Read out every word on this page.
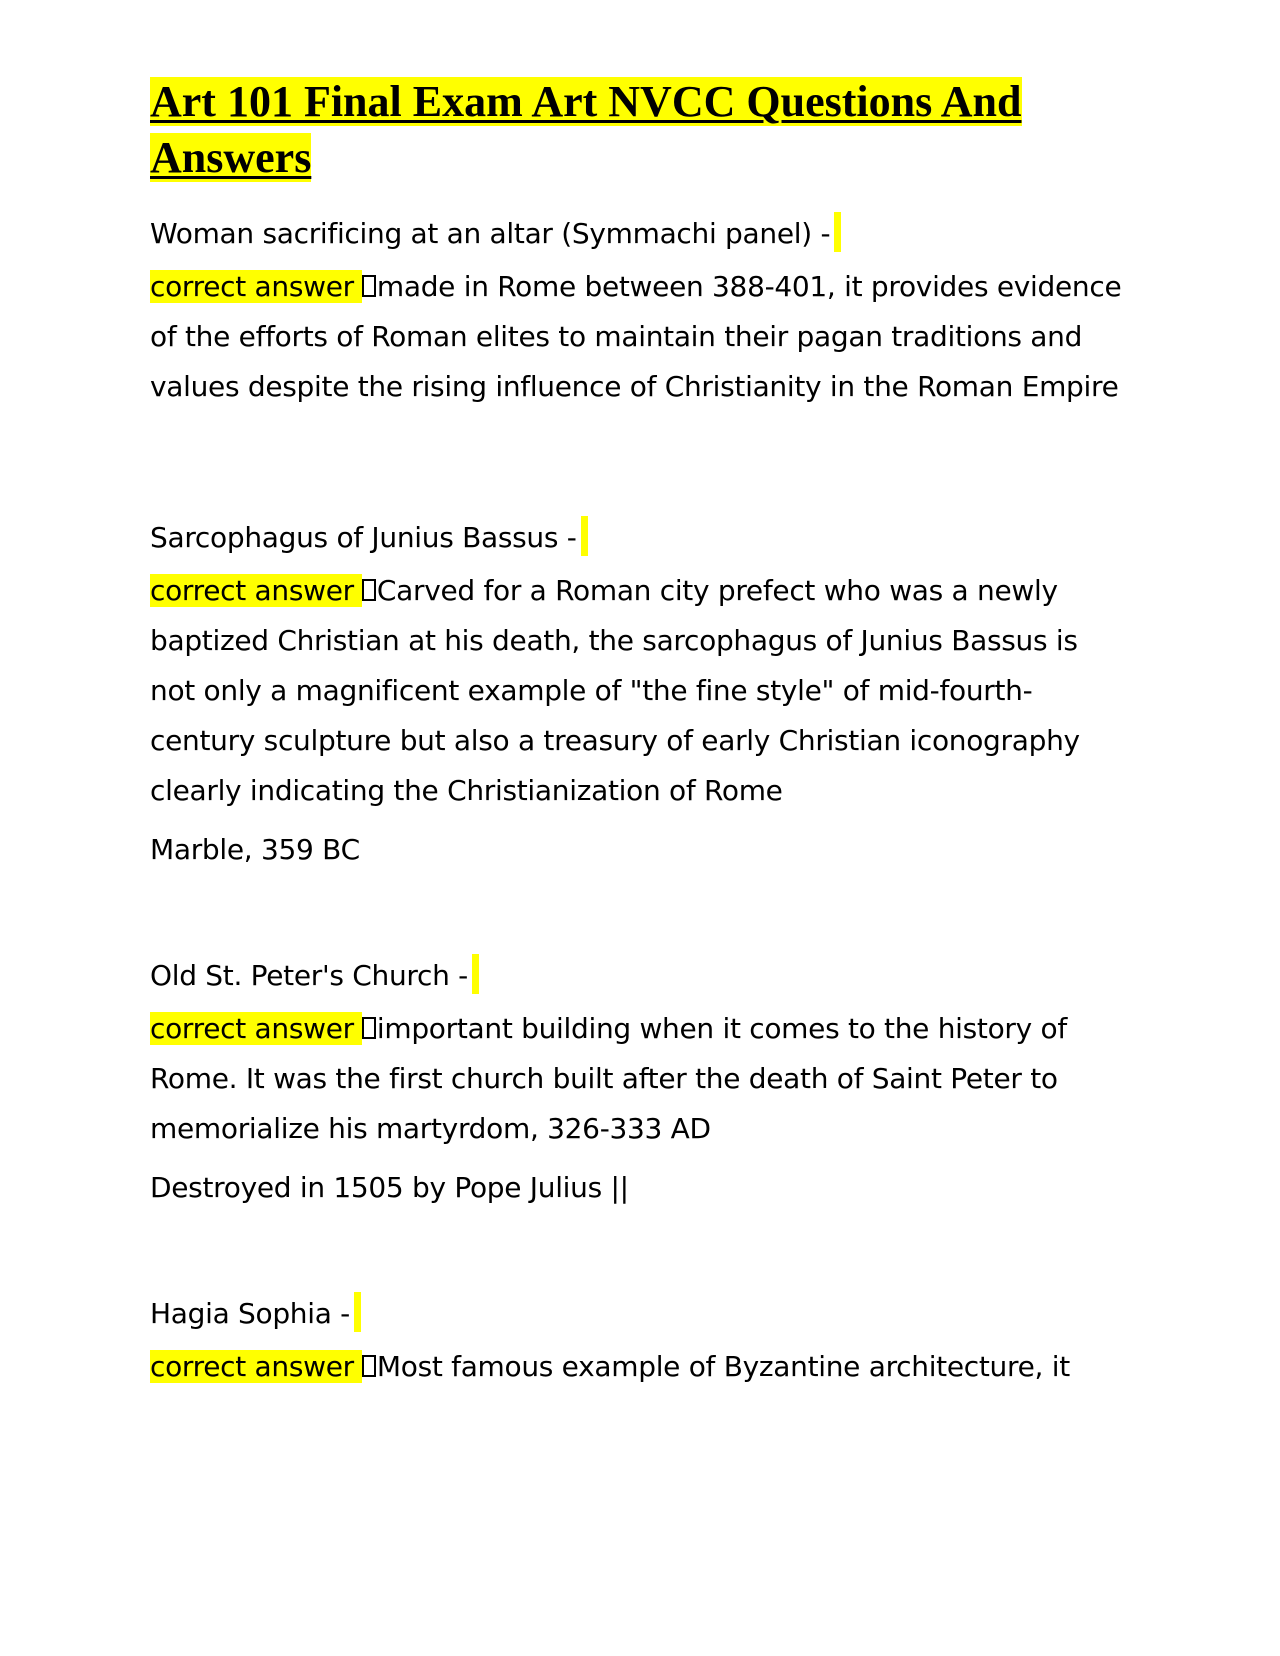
Art 101 Final Exam Art NVCC Questions And Answers

Woman sacrificing at an altar (Symmachi panel) -

correct answer made in Rome between 388-401, it provides evidence of the efforts of Roman elites to maintain their pagan traditions and values despite the rising influence of Christianity in the Roman Empire

Sarcophagus of Junius Bassus -

correct answer Carved for a Roman city prefect who was a newly baptized Christian at his death, the sarcophagus of Junius Bassus is not only a magnificent example of "the fine style" of mid-fourth-century sculpture but also a treasury of early Christian iconography clearly indicating the Christianization of Rome

Marble, 359 BC

Old St. Peter's Church -

correct answer important building when it comes to the history of Rome. It was the first church built after the death of Saint Peter to memorialize his martyrdom, 326-333 AD

Destroyed in 1505 by Pope Julius ||

Hagia Sophia -

correct answer Most famous example of Byzantine architecture, it
